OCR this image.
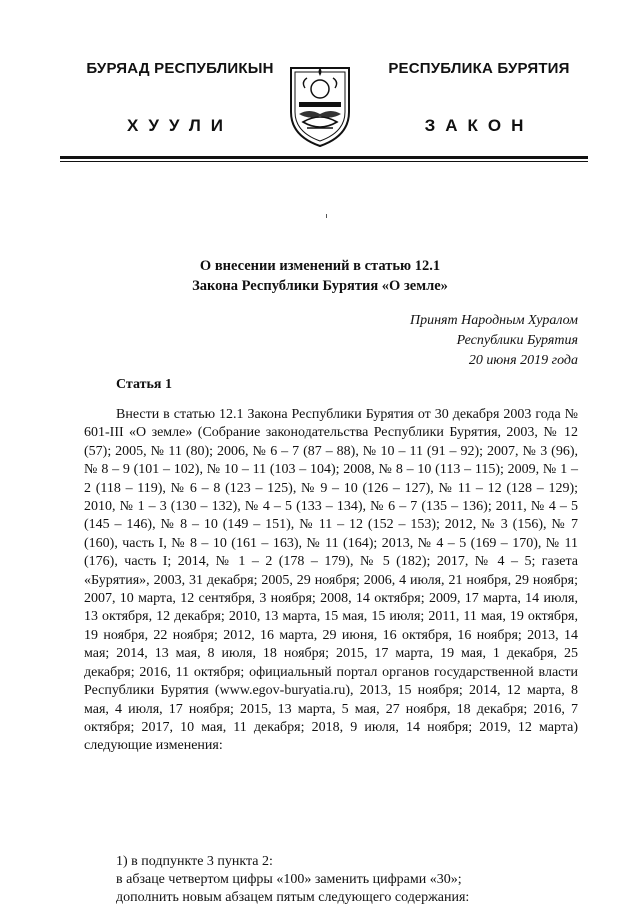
БУРЯАД РЕСПУБЛИКЫН	РЕСПУБЛИКА БУРЯТИЯ
ХУУЛИ	ЗАКОН
О внесении изменений в статью 12.1
Закона Республики Бурятия «О земле»
Принят Народным Хуралом
Республики Бурятия
20 июня 2019 года
Статья 1
Внести в статью 12.1 Закона Республики Бурятия от 30 декабря 2003 года № 601-III «О земле» (Собрание законодательства Республики Бурятия, 2003, № 12 (57); 2005, № 11 (80); 2006, № 6 – 7 (87 – 88), № 10 – 11 (91 – 92); 2007, № 3 (96), № 8 – 9 (101 – 102), № 10 – 11 (103 – 104); 2008, № 8 – 10 (113 – 115); 2009, № 1 – 2 (118 – 119), № 6 – 8 (123 – 125), № 9 – 10 (126 – 127), № 11 – 12 (128 – 129); 2010, № 1 – 3 (130 – 132), № 4 – 5 (133 – 134), № 6 – 7 (135 – 136); 2011, № 4 – 5 (145 – 146), № 8 – 10 (149 – 151), № 11 – 12 (152 – 153); 2012, № 3 (156), № 7 (160), часть I, № 8 – 10 (161 – 163), № 11 (164); 2013, № 4 – 5 (169 – 170), № 11 (176), часть I; 2014, № 1 – 2 (178 – 179), № 5 (182); 2017, № 4 – 5; газета «Бурятия», 2003, 31 декабря; 2005, 29 ноября; 2006, 4 июля, 21 ноября, 29 ноября; 2007, 10 марта, 12 сентября, 3 ноября; 2008, 14 октября; 2009, 17 марта, 14 июля, 13 октября, 12 декабря; 2010, 13 марта, 15 мая, 15 июля; 2011, 11 мая, 19 октября, 19 ноября, 22 ноября; 2012, 16 марта, 29 июня, 16 октября, 16 ноября; 2013, 14 мая; 2014, 13 мая, 8 июля, 18 ноября; 2015, 17 марта, 19 мая, 1 декабря, 25 декабря; 2016, 11 октября; официальный портал органов государственной власти Республики Бурятия (www.egov-buryatia.ru), 2013, 15 ноября; 2014, 12 марта, 8 мая, 4 июля, 17 ноября; 2015, 13 марта, 5 мая, 27 ноября, 18 декабря; 2016, 7 октября; 2017, 10 мая, 11 декабря; 2018, 9 июля, 14 ноября; 2019, 12 марта) следующие изменения:
1) в подпункте 3 пункта 2:
в абзаце четвертом цифры «100» заменить цифрами «30»;
дополнить новым абзацем пятым следующего содержания:
